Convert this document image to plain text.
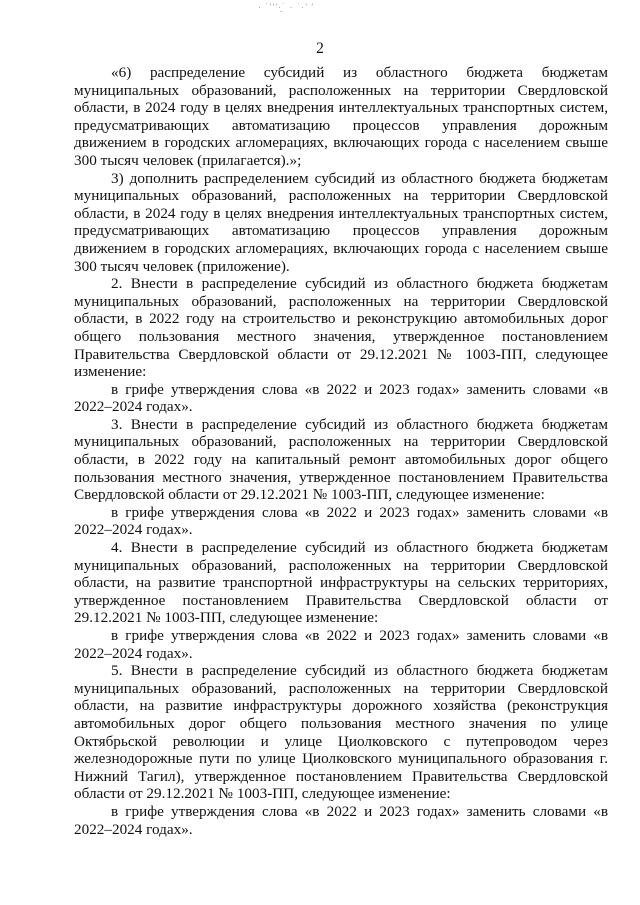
· ˙’′’·̤˙ · ˙·’ ′
2

«6) распределение субсидий из областного бюджета бюджетам муниципальных образований, расположенных на территории Свердловской области, в 2024 году в целях внедрения интеллектуальных транспортных систем, предусматривающих автоматизацию процессов управления дорожным движением в городских агломерациях, включающих города с населением свыше 300 тысяч человек (прилагается).»;

3) дополнить распределением субсидий из областного бюджета бюджетам муниципальных образований, расположенных на территории Свердловской области, в 2024 году в целях внедрения интеллектуальных транспортных систем, предусматривающих автоматизацию процессов управления дорожным движением в городских агломерациях, включающих города с населением свыше 300 тысяч человек (приложение).

2. Внести в распределение субсидий из областного бюджета бюджетам муниципальных образований, расположенных на территории Свердловской области, в 2022 году на строительство и реконструкцию автомобильных дорог общего пользования местного значения, утвержденное постановлением Правительства Свердловской области от 29.12.2021 № 1003-ПП, следующее изменение:

в грифе утверждения слова «в 2022 и 2023 годах» заменить словами «в 2022–2024 годах».

3. Внести в распределение субсидий из областного бюджета бюджетам муниципальных образований, расположенных на территории Свердловской области, в 2022 году на капитальный ремонт автомобильных дорог общего пользования местного значения, утвержденное постановлением Правительства Свердловской области от 29.12.2021 № 1003-ПП, следующее изменение:

в грифе утверждения слова «в 2022 и 2023 годах» заменить словами «в 2022–2024 годах».

4. Внести в распределение субсидий из областного бюджета бюджетам муниципальных образований, расположенных на территории Свердловской области, на развитие транспортной инфраструктуры на сельских территориях, утвержденное постановлением Правительства Свердловской области от 29.12.2021 № 1003-ПП, следующее изменение:

в грифе утверждения слова «в 2022 и 2023 годах» заменить словами «в 2022–2024 годах».

5. Внести в распределение субсидий из областного бюджета бюджетам муниципальных образований, расположенных на территории Свердловской области, на развитие инфраструктуры дорожного хозяйства (реконструкция автомобильных дорог общего пользования местного значения по улице Октябрьской революции и улице Циолковского с путепроводом через железнодорожные пути по улице Циолковского муниципального образования г. Нижний Тагил), утвержденное постановлением Правительства Свердловской области от 29.12.2021 № 1003-ПП, следующее изменение:

в грифе утверждения слова «в 2022 и 2023 годах» заменить словами «в 2022–2024 годах».
